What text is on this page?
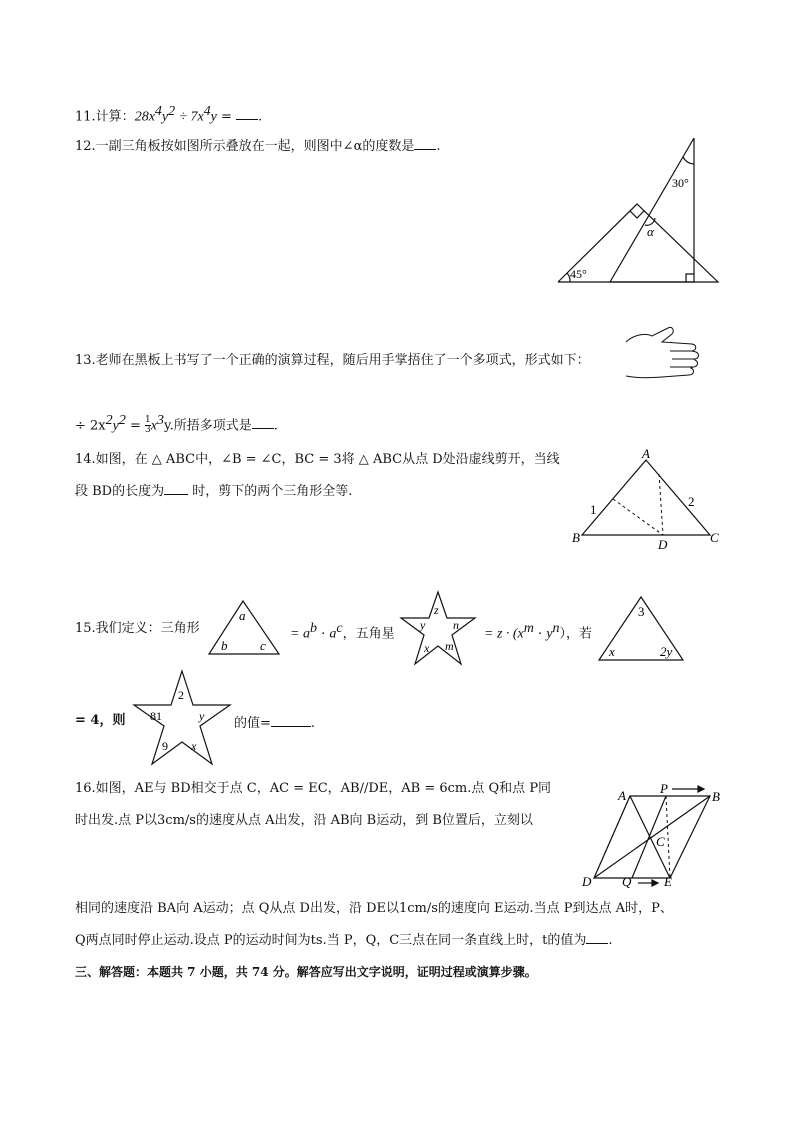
11.计算：$28x^4y^2 \div 7x^4y$ = .
12.一副三角板按如图所示叠放在一起，则图中∠α的度数是 .
30°
45°
α
13.老师在黑板上书写了一个正确的演算过程，随后用手掌捂住了一个多项式，形式如下：
÷ $2x^2y^2 = \frac{1}{3} x^3y$.所捂多项式是 .
14.如图，在 △ ABC中，∠B = ∠C，BC = 3将 △ ABC从点 D处沿虚线剪开，当线
段 BD的长度为 时，剪下的两个三角形全等.
A
B	C
D
1
2
15.我们定义：三角形
a
b	c
= $a^b \cdot a^c$，五角星
z
y n
x m
= $z \cdot (x^m \cdot y^n)$，若
3
x	2y
= 4，则
2
81	y
9 x
的值=	.
16.如图，AE与 BD相交于点 C，AC = EC，AB//DE，AB = 6cm.点 Q和点 P同
时出发.点 P以3cm/s的速度从点 A出发，沿 AB向 B运动，到 B位置后，立刻以
A	P
B
C
D Q	E
相同的速度沿 BA向 A运动；点 Q从点 D出发，沿 DE以1cm/s的速度向 E运动.当点 P到达点 A时，P、
Q两点同时停止运动.设点 P的运动时间为ts.当 P，Q，C三点在同一条直线上时，t的值为 .
三、解答题：本题共 7 小题，共 74 分。解答应写出文字说明，证明过程或演算步骤。
